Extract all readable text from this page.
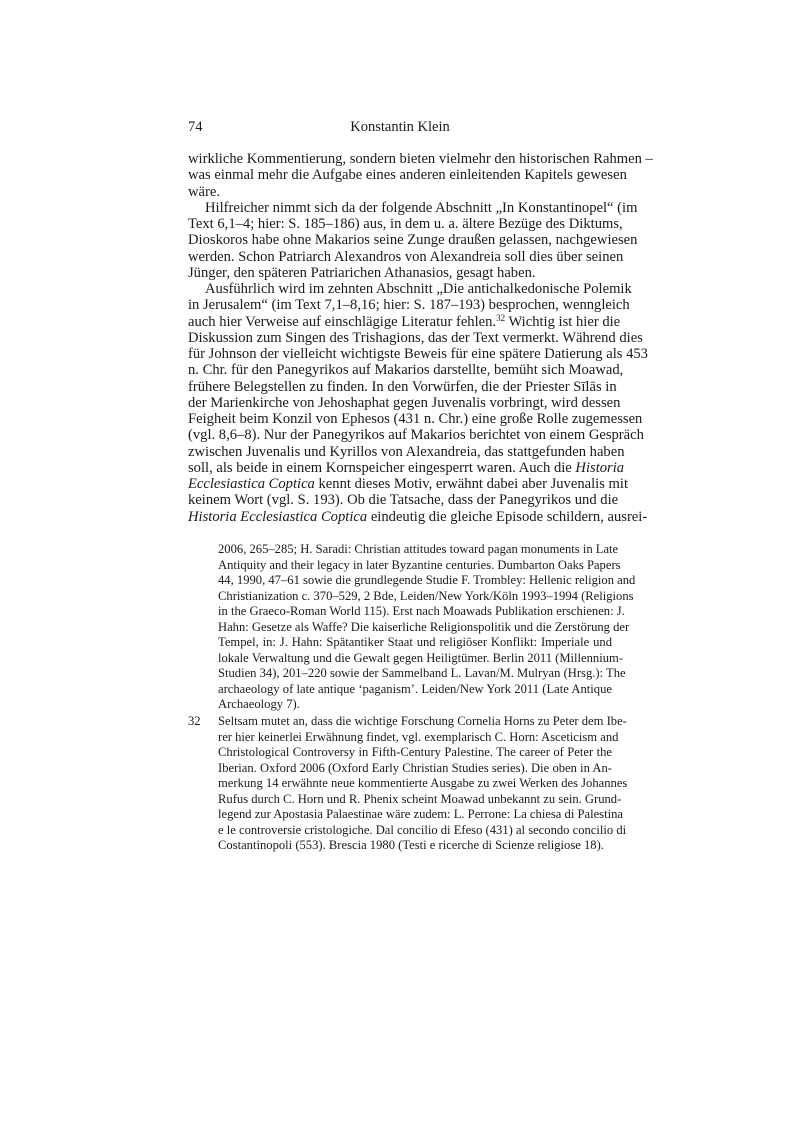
74	Konstantin Klein
wirkliche Kommentierung, sondern bieten vielmehr den historischen Rahmen –
was einmal mehr die Aufgabe eines anderen einleitenden Kapitels gewesen
wäre.
Hilfreicher nimmt sich da der folgende Abschnitt „In Konstantinopel“ (im
Text 6,1–4; hier: S. 185–186) aus, in dem u. a. ältere Bezüge des Diktums,
Dioskoros habe ohne Makarios seine Zunge draußen gelassen, nachgewiesen
werden. Schon Patriarch Alexandros von Alexandreia soll dies über seinen
Jünger, den späteren Patriarichen Athanasios, gesagt haben.
Ausführlich wird im zehnten Abschnitt „Die antichalkedonische Polemik
in Jerusalem“ (im Text 7,1–8,16; hier: S. 187–193) besprochen, wenngleich
auch hier Verweise auf einschlägige Literatur fehlen.$^{32}$ Wichtig ist hier die
Diskussion zum Singen des Trishagions, das der Text vermerkt. Während dies
für Johnson der vielleicht wichtigste Beweis für eine spätere Datierung als 453
n. Chr. für den Panegyrikos auf Makarios darstellte, bemüht sich Moawad,
frühere Belegstellen zu finden. In den Vorwürfen, die der Priester Sīlās in
der Marienkirche von Jehoshaphat gegen Juvenalis vorbringt, wird dessen
Feigheit beim Konzil von Ephesos (431 n. Chr.) eine große Rolle zugemessen
(vgl. 8,6–8). Nur der Panegyrikos auf Makarios berichtet von einem Gespräch
zwischen Juvenalis und Kyrillos von Alexandreia, das stattgefunden haben
soll, als beide in einem Kornspeicher eingesperrt waren. Auch die Historia
Ecclesiastica Coptica kennt dieses Motiv, erwähnt dabei aber Juvenalis mit
keinem Wort (vgl. S. 193). Ob die Tatsache, dass der Panegyrikos und die
Historia Ecclesiastica Coptica eindeutig die gleiche Episode schildern, ausrei-
2006, 265–285; H. Saradi: Christian attitudes toward pagan monuments in Late
Antiquity and their legacy in later Byzantine centuries. Dumbarton Oaks Papers
44, 1990, 47–61 sowie die grundlegende Studie F. Trombley: Hellenic religion and
Christianization c. 370–529, 2 Bde, Leiden/New York/Köln 1993–1994 (Religions
in the Graeco-Roman World 115). Erst nach Moawads Publikation erschienen: J.
Hahn: Gesetze als Waffe? Die kaiserliche Religionspolitik und die Zerstörung der
Tempel, in: J. Hahn: Spätantiker Staat und religiöser Konflikt: Imperiale und
lokale Verwaltung und die Gewalt gegen Heiligtümer. Berlin 2011 (Millennium-
Studien 34), 201–220 sowie der Sammelband L. Lavan/M. Mulryan (Hrsg.): The
archaeology of late antique ‘paganism’. Leiden/New York 2011 (Late Antique
Archaeology 7).
32 Seltsam mutet an, dass die wichtige Forschung Cornelia Horns zu Peter dem Ibe-
rer hier keinerlei Erwähnung findet, vgl. exemplarisch C. Horn: Asceticism and
Christological Controversy in Fifth-Century Palestine. The career of Peter the
Iberian. Oxford 2006 (Oxford Early Christian Studies series). Die oben in An-
merkung 14 erwähnte neue kommentierte Ausgabe zu zwei Werken des Johannes
Rufus durch C. Horn und R. Phenix scheint Moawad unbekannt zu sein. Grund-
legend zur Apostasia Palaestinae wäre zudem: L. Perrone: La chiesa di Palestina
e le controversie cristologiche. Dal concilio di Efeso (431) al secondo concilio di
Costantinopoli (553). Brescia 1980 (Testi e ricerche di Scienze religiose 18).
